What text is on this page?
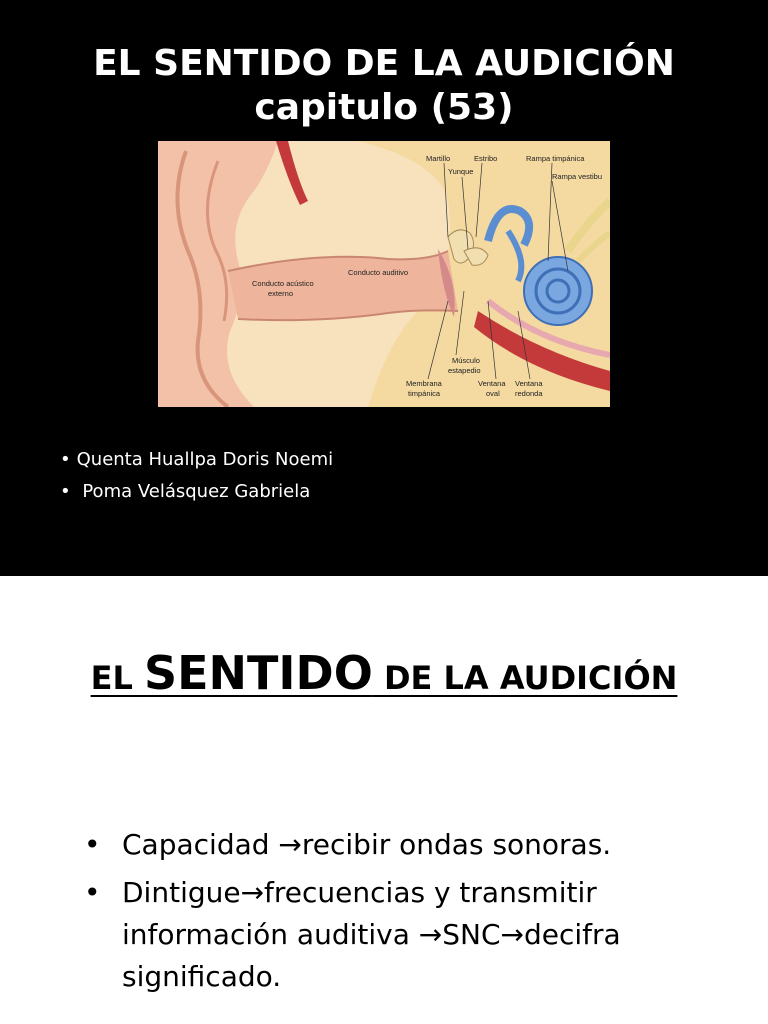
EL SENTIDO DE LA AUDICIÓN
capitulo (53)
Martillo	Estribo	Rampa timpánica
Yunque
Rampa vestibu
Conducto auditivo
Conducto acústico
externo
Músculo
estapedio
Membrana
timpánica
Ventana
oval
Ventana
redonda
• Quenta Huallpa Doris Noemi
• Poma Velásquez Gabriela
EL SENTIDO DE LA AUDICIÓN
• Capacidad →recibir ondas sonoras.
• Dintigue→frecuencias y transmitir información auditiva →SNC→decifra significado.
